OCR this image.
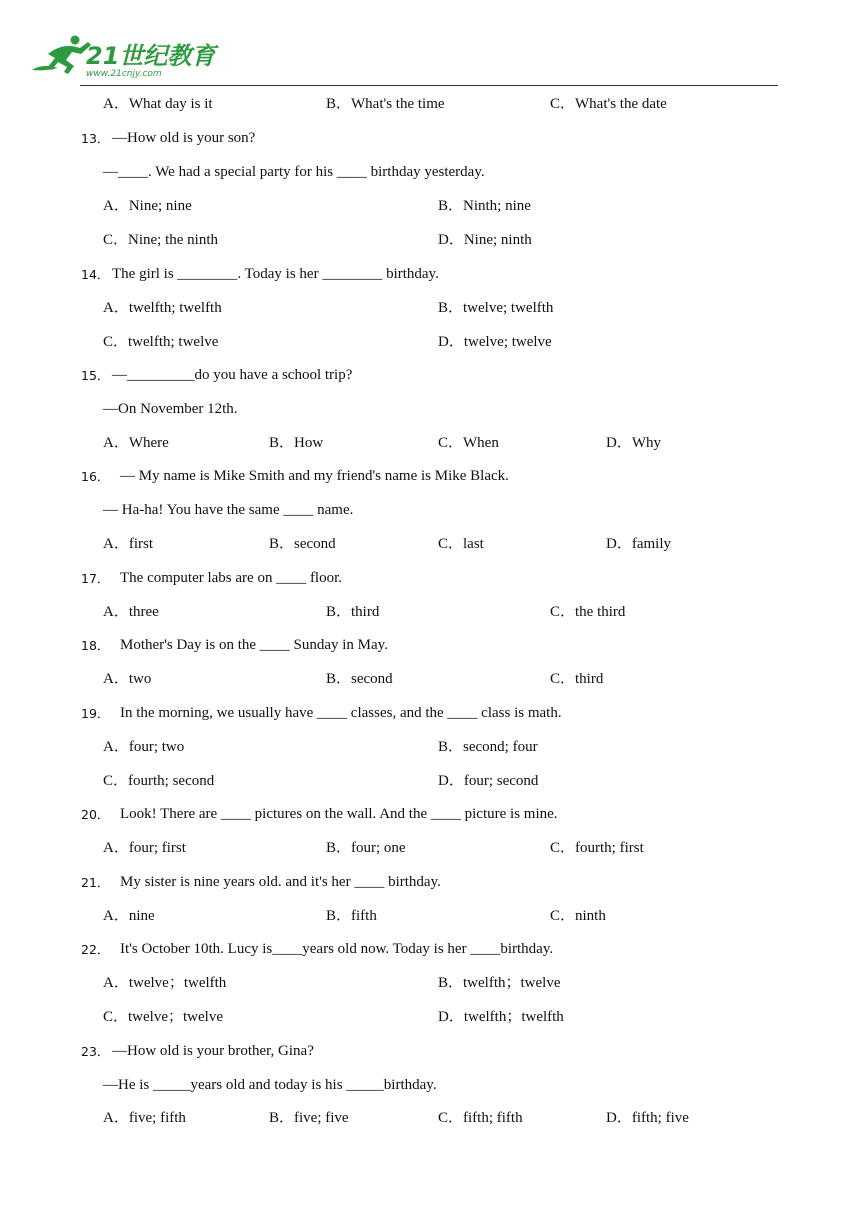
21世纪教育
www.21cnjy.com
A．What day is it	B．What's the time	C．What's the date
13． —How old is your son?
—____. We had a special party for his ____ birthday yesterday.
A．Nine; nine	B．Ninth; nine
C．Nine; the ninth	D．Nine; ninth
14． The girl is ________. Today is her ________ birthday.
A．twelfth; twelfth	B．twelve; twelfth
C．twelfth; twelve	D．twelve; twelve
15． —_________do you have a school trip?
—On November 12th.
A．Where	B．How	C．When	D．Why
16． — My name is Mike Smith and my friend's name is Mike Black.
— Ha-ha! You have the same ____ name.
A．first	B．second	C．last	D．family
17． The computer labs are on ____ floor.
A．three	B．third	C．the third
18． Mother's Day is on the ____ Sunday in May.
A．two	B．second	C．third
19． In the morning, we usually have ____ classes, and the ____ class is math.
A．four; two	B．second; four
C．fourth; second	D．four; second
20． Look! There are ____ pictures on the wall. And the ____ picture is mine.
A．four; first	B．four; one	C．fourth; first
21． My sister is nine years old. and it's her ____ birthday.
A．nine	B．fifth	C．ninth
22． It's October 10th. Lucy is____years old now. Today is her ____birthday.
A．twelve；twelfth	B．twelfth；twelve
C．twelve；twelve	D．twelfth；twelfth
23． —How old is your brother, Gina?
—He is _____years old and today is his _____birthday.
A．five; fifth	B．five; five	C．fifth; fifth	D．fifth; five
